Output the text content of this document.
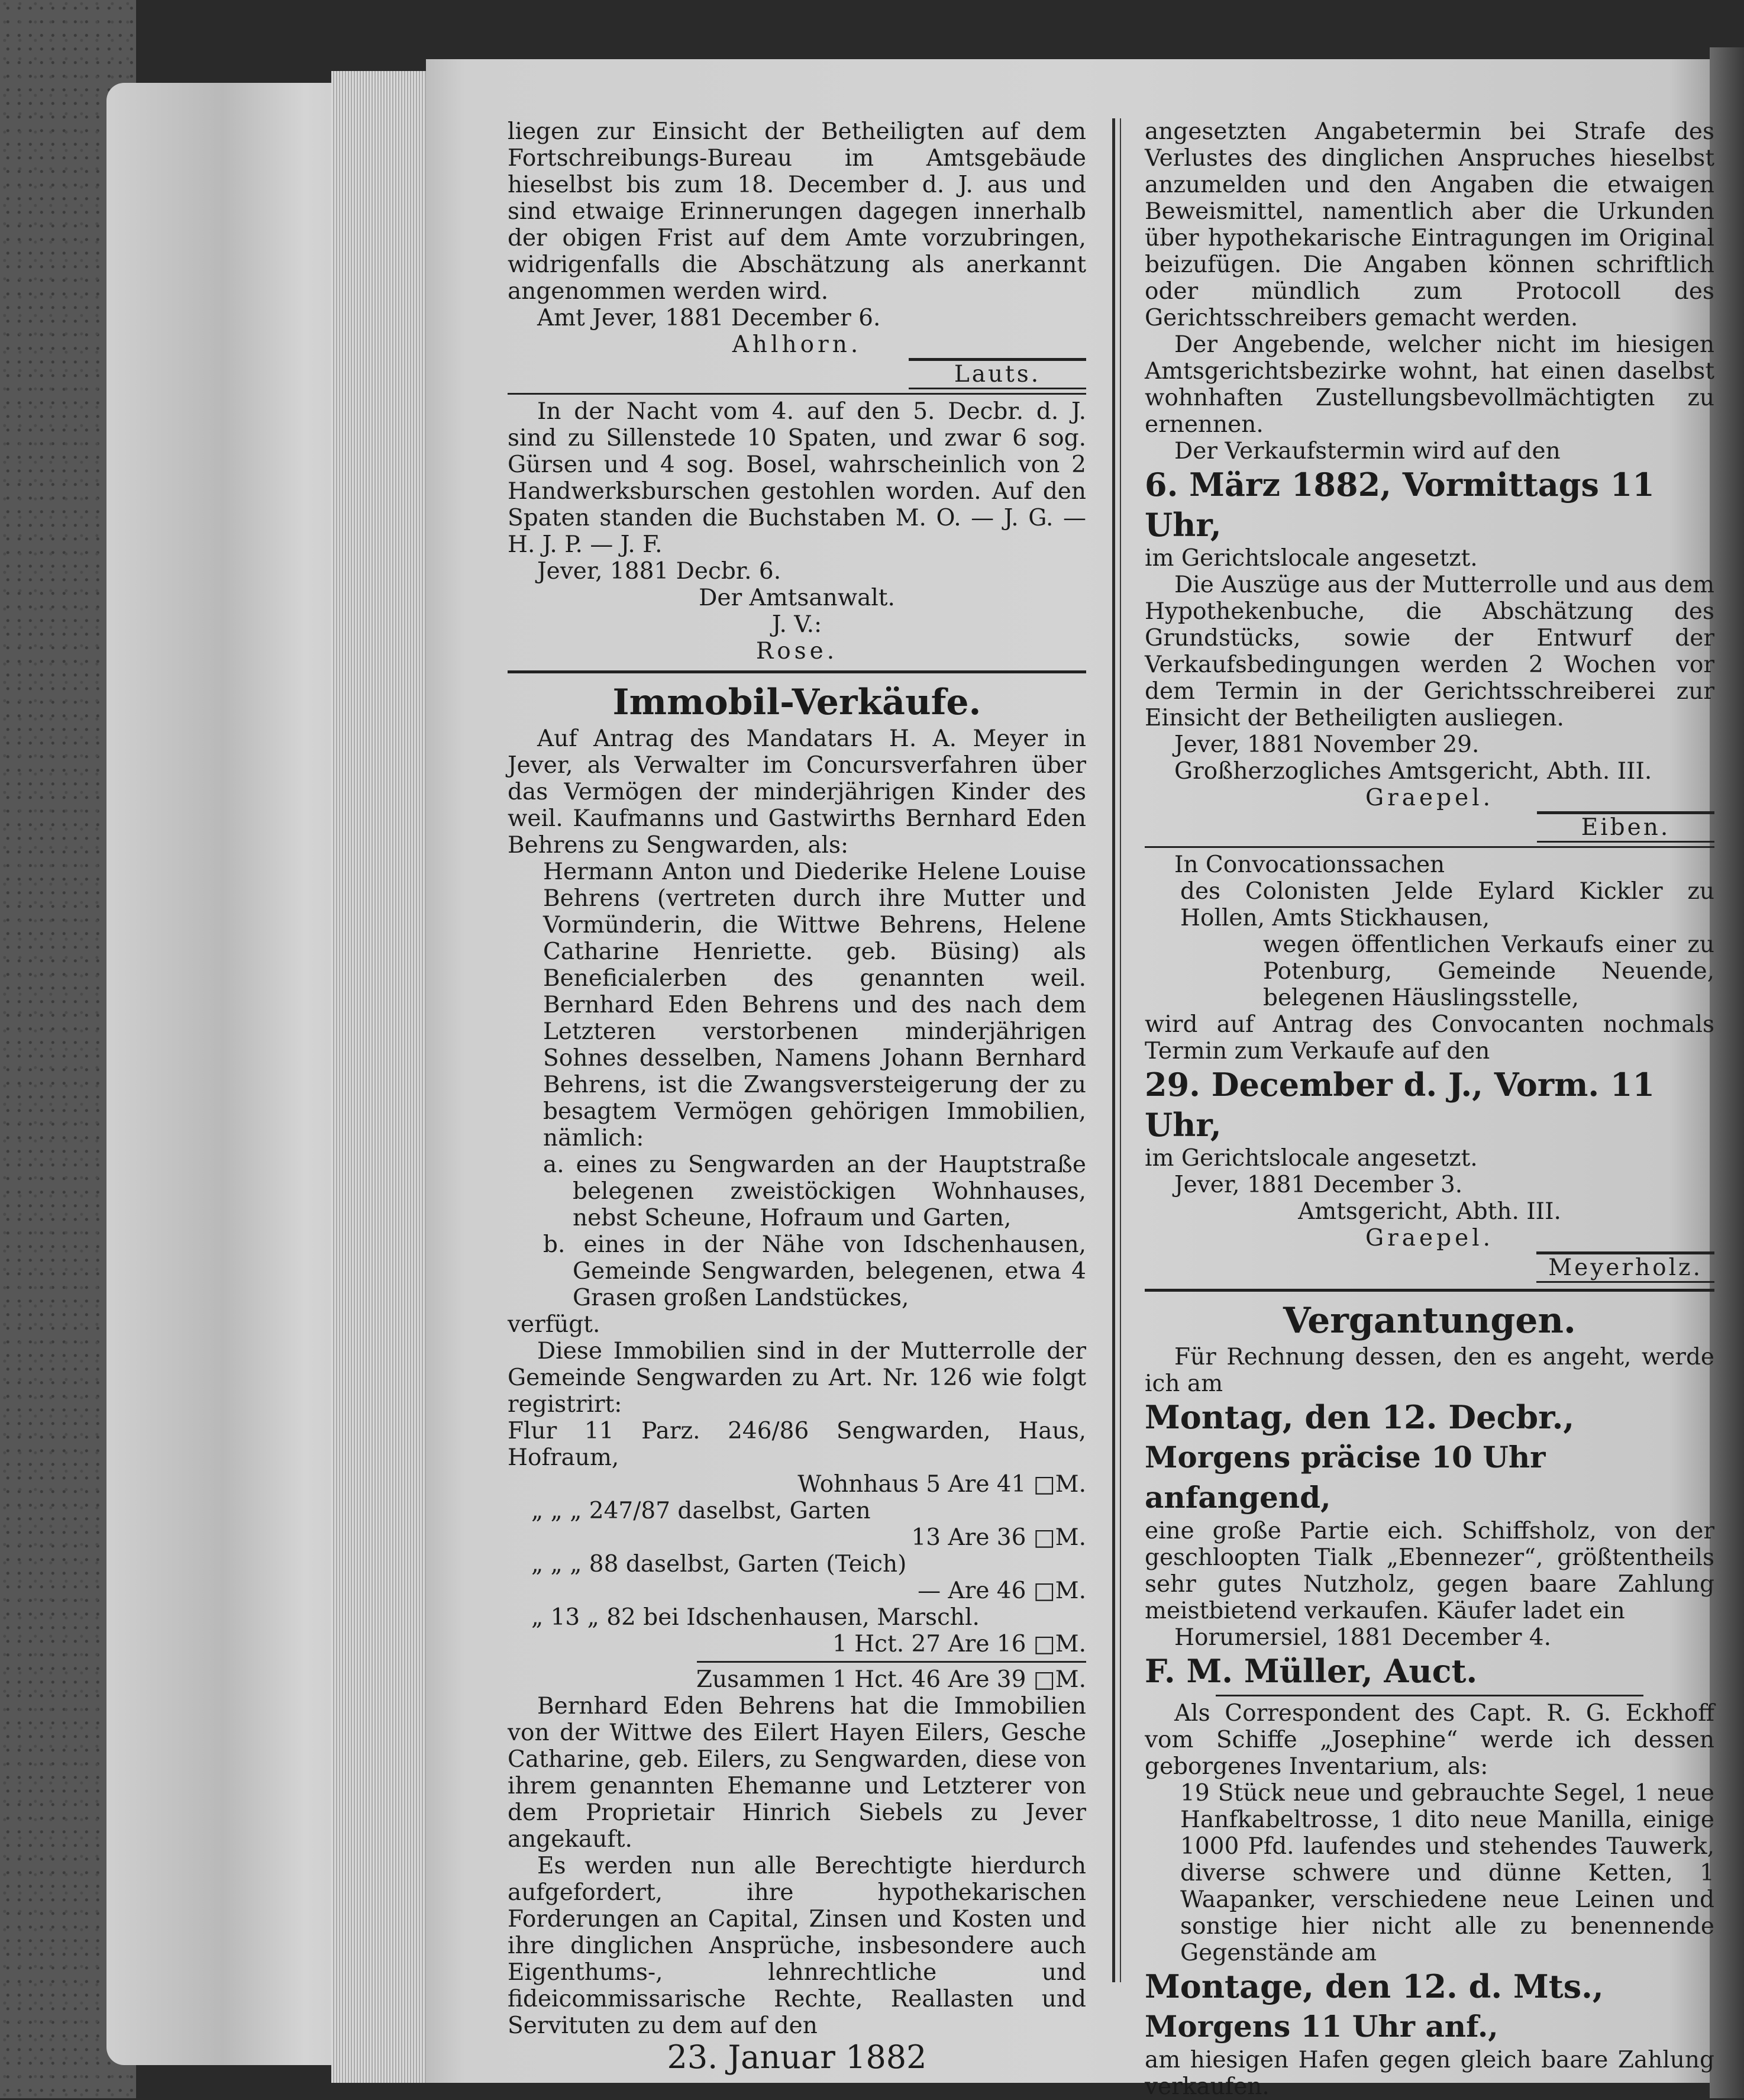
liegen zur Einsicht der Betheiligten auf dem Fortschreibungs-Bureau im Amtsgebäude hieselbst bis zum 18. December d. J. aus und sind etwaige Erinnerungen dagegen innerhalb der obigen Frist auf dem Amte vorzubringen, widrigenfalls die Abschätzung als anerkannt angenommen werden wird.

Amt Jever, 1881 December 6.

Ahlhorn.

Lauts.

In der Nacht vom 4. auf den 5. Decbr. d. J. sind zu Sillenstede 10 Spaten, und zwar 6 sog. Gürsen und 4 sog. Bosel, wahrscheinlich von 2 Handwerksburschen gestohlen worden. Auf den Spaten standen die Buchstaben M. O. — J. G. — H. J. P. — J. F.

Jever, 1881 Decbr. 6.

Der Amtsanwalt.

J. V.:

Rose.

Immobil-Verkäufe.

Auf Antrag des Mandatars H. A. Meyer in Jever, als Verwalter im Concursverfahren über das Vermögen der minderjährigen Kinder des weil. Kaufmanns und Gastwirths Bernhard Eden Behrens zu Sengwarden, als:

Hermann Anton und Diederike Helene Louise Behrens (vertreten durch ihre Mutter und Vormünderin, die Wittwe Behrens, Helene Catharine Henriette. geb. Büsing) als Beneficialerben des genannten weil. Bernhard Eden Behrens und des nach dem Letzteren verstorbenen minderjährigen Sohnes desselben, Namens Johann Bernhard Behrens, ist die Zwangsversteigerung der zu besagtem Vermögen gehörigen Immobilien, nämlich:

a. eines zu Sengwarden an der Hauptstraße belegenen zweistöckigen Wohnhauses, nebst Scheune, Hofraum und Garten,

b. eines in der Nähe von Idschenhausen, Gemeinde Sengwarden, belegenen, etwa 4 Grasen großen Landstückes,

verfügt.

Diese Immobilien sind in der Mutterrolle der Gemeinde Sengwarden zu Art. Nr. 126 wie folgt registrirt:

Flur 11 Parz. 246/86 Sengwarden, Haus, Hofraum,
Wohnhaus 5 Are 41 □M.
„ „ „ 247/87 daselbst, Garten
13 Are 36 □M.
„ „ „ 88 daselbst, Garten (Teich)
— Are 46 □M.
„ 13 „ 82 bei Idschenhausen, Marschl.
1 Hct. 27 Are 16 □M.

Zusammen 1 Hct. 46 Are 39 □M.

Bernhard Eden Behrens hat die Immobilien von der Wittwe des Eilert Hayen Eilers, Gesche Catharine, geb. Eilers, zu Sengwarden, diese von ihrem genannten Ehemanne und Letzterer von dem Proprietair Hinrich Siebels zu Jever angekauft.

Es werden nun alle Berechtigte hierdurch aufgefordert, ihre hypothekarischen Forderungen an Capital, Zinsen und Kosten und ihre dinglichen Ansprüche, insbesondere auch Eigenthums-, lehnrechtliche und fideicommissarische Rechte, Reallasten und Servituten zu dem auf den

23. Januar 1882

angesetzten Angabetermin bei Strafe des Verlustes des dinglichen Anspruches hieselbst anzumelden und den Angaben die etwaigen Beweismittel, namentlich aber die Urkunden über hypothekarische Eintragungen im Original beizufügen. Die Angaben können schriftlich oder mündlich zum Protocoll des Gerichtsschreibers gemacht werden.

Der Angebende, welcher nicht im hiesigen Amtsgerichtsbezirke wohnt, hat einen daselbst wohnhaften Zustellungsbevollmächtigten zu ernennen.

Der Verkaufstermin wird auf den

6. März 1882, Vormittags 11 Uhr,

im Gerichtslocale angesetzt.

Die Auszüge aus der Mutterrolle und aus dem Hypothekenbuche, die Abschätzung des Grundstücks, sowie der Entwurf der Verkaufsbedingungen werden 2 Wochen vor dem Termin in der Gerichtsschreiberei zur Einsicht der Betheiligten ausliegen.

Jever, 1881 November 29.

Großherzogliches Amtsgericht, Abth. III.

Graepel.

Eiben.

In Convocationssachen

des Colonisten Jelde Eylard Kickler zu Hollen, Amts Stickhausen,

wegen öffentlichen Verkaufs einer zu Potenburg, Gemeinde Neuende, belegenen Häuslingsstelle,

wird auf Antrag des Convocanten nochmals Termin zum Verkaufe auf den

29. December d. J., Vorm. 11 Uhr,

im Gerichtslocale angesetzt.

Jever, 1881 December 3.

Amtsgericht, Abth. III.

Graepel.

Meyerholz.

Vergantungen.

Für Rechnung dessen, den es angeht, werde ich am

Montag, den 12. Decbr.,

Morgens präcise 10 Uhr anfangend,

eine große Partie eich. Schiffsholz, von der geschloopten Tialk „Ebennezer“, größtentheils sehr gutes Nutzholz, gegen baare Zahlung meistbietend verkaufen. Käufer ladet ein

Horumersiel, 1881 December 4.

F. M. Müller, Auct.

Als Correspondent des Capt. R. G. Eckhoff vom Schiffe „Josephine“ werde ich dessen geborgenes Inventarium, als:

19 Stück neue und gebrauchte Segel, 1 neue Hanfkabeltrosse, 1 dito neue Manilla, einige 1000 Pfd. laufendes und stehendes Tauwerk, diverse schwere und dünne Ketten, 1 Waapanker, verschiedene neue Leinen und sonstige hier nicht alle zu benennende Gegenstände am

Montage, den 12. d. Mts.,

Morgens 11 Uhr anf.,

am hiesigen Hafen gegen gleich baare Zahlung verkaufen.
